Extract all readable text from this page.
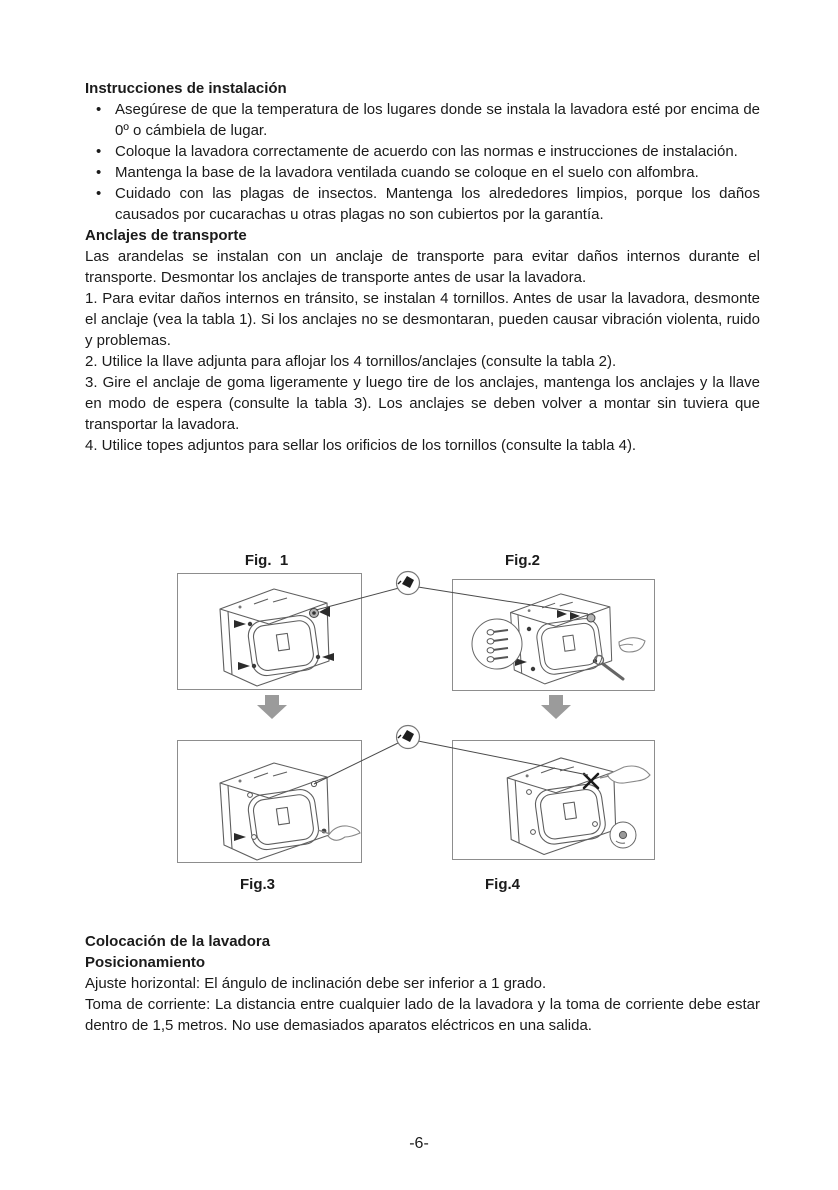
Instrucciones de instalación

• Asegúrese de que la temperatura de los lugares donde se instala la lavadora esté por encima de 0º o cámbiela de lugar.
• Coloque la lavadora correctamente de acuerdo con las normas e instrucciones de instalación.
• Mantenga la base de la lavadora ventilada cuando se coloque en el suelo con alfombra.
• Cuidado con las plagas de insectos. Mantenga los alrededores limpios, porque los daños causados por cucarachas u otras plagas no son cubiertos por la garantía.

Anclajes de transporte

Las arandelas se instalan con un anclaje de transporte para evitar daños internos durante el transporte. Desmontar los anclajes de transporte antes de usar la lavadora.

1. Para evitar daños internos en tránsito, se instalan 4 tornillos. Antes de usar la lavadora, desmonte el anclaje (vea la tabla 1). Si los anclajes no se desmontaran, pueden causar vibración violenta, ruido y problemas.

2. Utilice la llave adjunta para aflojar los 4 tornillos/anclajes (consulte la tabla 2).

3. Gire el anclaje de goma ligeramente y luego tire de los anclajes, mantenga los anclajes y la llave en modo de espera (consulte la tabla 3). Los anclajes se deben volver a montar sin tuviera que transportar la lavadora.

4. Utilice topes adjuntos para sellar los orificios de los tornillos (consulte la tabla 4).

Fig.  1	Fig.2
Fig.3	Fig.4

Colocación de la lavadora

Posicionamiento

Ajuste horizontal: El ángulo de inclinación debe ser inferior a 1 grado.

Toma de corriente: La distancia entre cualquier lado de la lavadora y la toma de corriente debe estar dentro de 1,5 metros. No use demasiados aparatos eléctricos en una salida.

-6-
